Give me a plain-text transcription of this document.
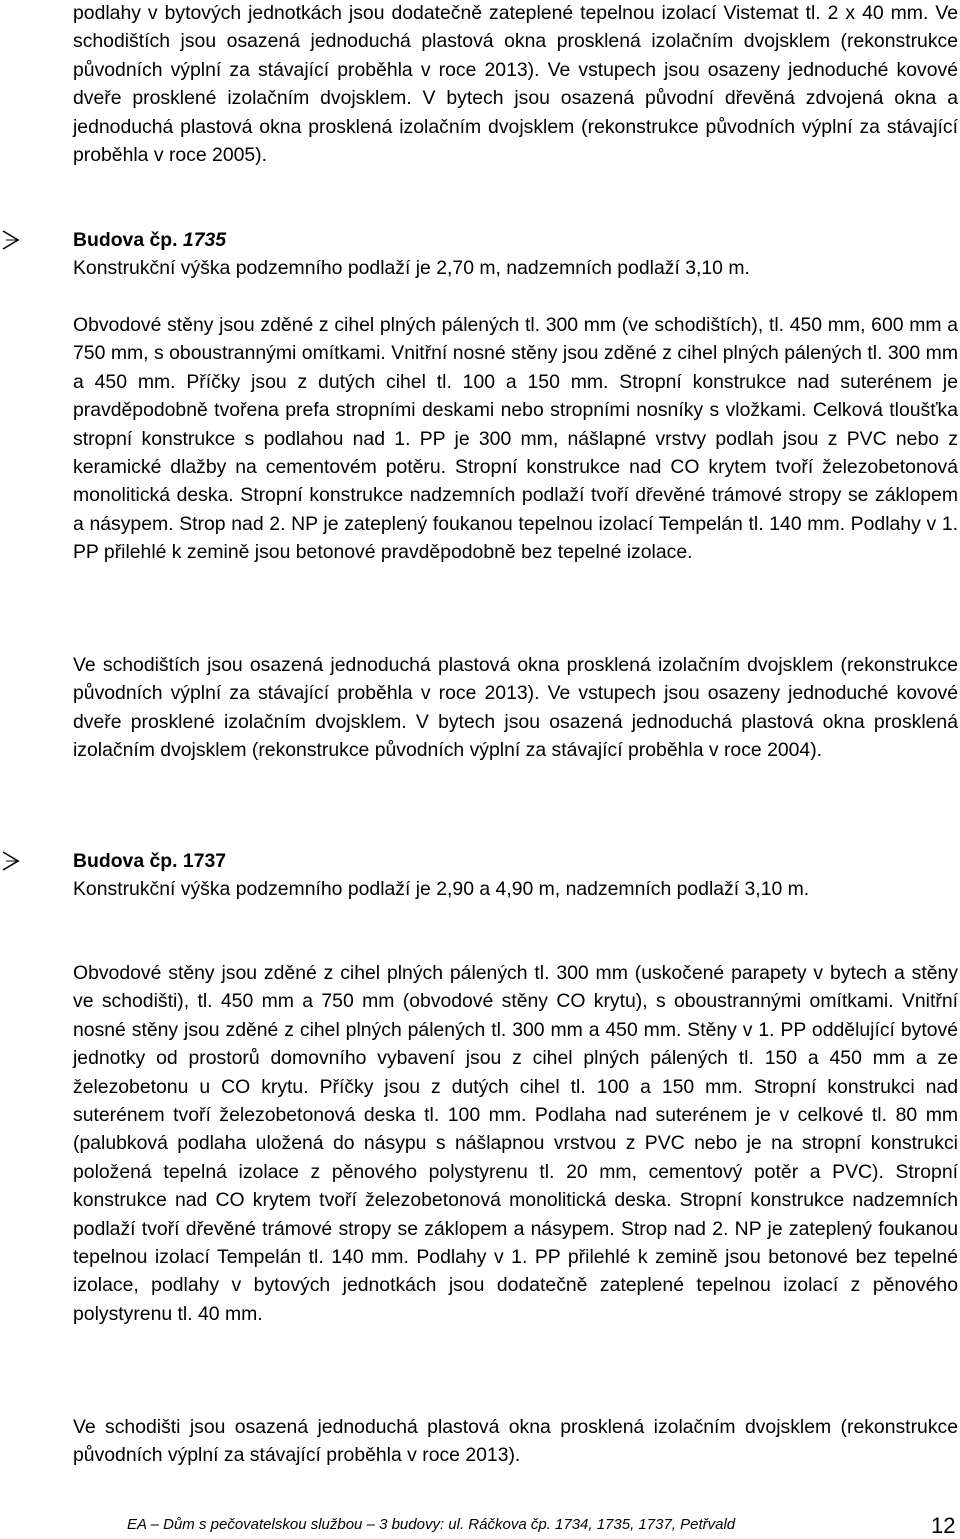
podlahy v bytových jednotkách jsou dodatečně zateplené tepelnou izolací Vistemat tl. 2 x 40 mm. Ve schodištích jsou osazená jednoduchá plastová okna prosklená izolačním dvojsklem (rekonstrukce původních výplní za stávající proběhla v roce 2013). Ve vstupech jsou osazeny jednoduché kovové dveře prosklené izolačním dvojsklem. V bytech jsou osazená původní dřevěná zdvojená okna a jednoduchá plastová okna prosklená izolačním dvojsklem (rekonstrukce původních výplní za stávající proběhla v roce 2005).

Budova čp. 1735

Konstrukční výška podzemního podlaží je 2,70 m, nadzemních podlaží 3,10 m.

Obvodové stěny jsou zděné z cihel plných pálených tl. 300 mm (ve schodištích), tl. 450 mm, 600 mm a 750 mm, s oboustrannými omítkami. Vnitřní nosné stěny jsou zděné z cihel plných pálených tl. 300 mm a 450 mm. Příčky jsou z dutých cihel tl. 100 a 150 mm. Stropní konstrukce nad suterénem je pravděpodobně tvořena prefa stropními deskami nebo stropními nosníky s vložkami. Celková tloušťka stropní konstrukce s podlahou nad 1. PP je 300 mm, nášlapné vrstvy podlah jsou z PVC nebo z keramické dlažby na cementovém potěru. Stropní konstrukce nad CO krytem tvoří železobetonová monolitická deska. Stropní konstrukce nadzemních podlaží tvoří dřevěné trámové stropy se záklopem a násypem. Strop nad 2. NP je zateplený foukanou tepelnou izolací Tempelán tl. 140 mm. Podlahy v 1. PP přilehlé k zemině jsou betonové pravděpodobně bez tepelné izolace.

Ve schodištích jsou osazená jednoduchá plastová okna prosklená izolačním dvojsklem (rekonstrukce původních výplní za stávající proběhla v roce 2013). Ve vstupech jsou osazeny jednoduché kovové dveře prosklené izolačním dvojsklem. V bytech jsou osazená jednoduchá plastová okna prosklená izolačním dvojsklem (rekonstrukce původních výplní za stávající proběhla v roce 2004).

Budova čp. 1737

Konstrukční výška podzemního podlaží je 2,90 a 4,90 m, nadzemních podlaží 3,10 m.

Obvodové stěny jsou zděné z cihel plných pálených tl. 300 mm (uskočené parapety v bytech a stěny ve schodišti), tl. 450 mm a 750 mm (obvodové stěny CO krytu), s oboustrannými omítkami. Vnitřní nosné stěny jsou zděné z cihel plných pálených tl. 300 mm a 450 mm. Stěny v 1. PP oddělující bytové jednotky od prostorů domovního vybavení jsou z cihel plných pálených tl. 150 a 450 mm a ze železobetonu u CO krytu. Příčky jsou z dutých cihel tl. 100 a 150 mm. Stropní konstrukci nad suterénem tvoří železobetonová deska tl. 100 mm. Podlaha nad suterénem je v celkové tl. 80 mm (palubková podlaha uložená do násypu s nášlapnou vrstvou z PVC nebo je na stropní konstrukci položená tepelná izolace z pěnového polystyrenu tl. 20 mm, cementový potěr a PVC). Stropní konstrukce nad CO krytem tvoří železobetonová monolitická deska. Stropní konstrukce nadzemních podlaží tvoří dřevěné trámové stropy se záklopem a násypem. Strop nad 2. NP je zateplený foukanou tepelnou izolací Tempelán tl. 140 mm. Podlahy v 1. PP přilehlé k zemině jsou betonové bez tepelné izolace, podlahy v bytových jednotkách jsou dodatečně zateplené tepelnou izolací z pěnového polystyrenu tl. 40 mm.

Ve schodišti jsou osazená jednoduchá plastová okna prosklená izolačním dvojsklem (rekonstrukce původních výplní za stávající proběhla v roce 2013).

EA – Dům s pečovatelskou službou – 3 budovy: ul. Ráčkova čp. 1734, 1735, 1737, Petřvald	12
